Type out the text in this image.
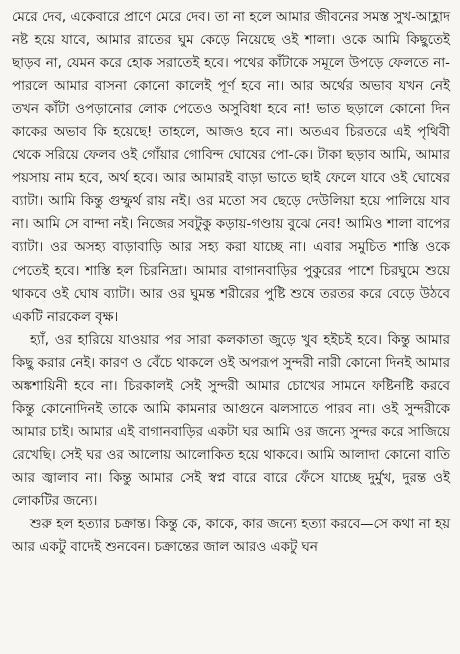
মেরে দেব, একেবারে প্রাণে মেরে দেব। তা না হলে আমার জীবনের সমস্ত সুখ-আহ্লাদ নষ্ট হয়ে যাবে, আমার রাতের ঘুম কেড়ে নিয়েছে ওই শালা। ওকে আমি কিছুতেই ছাড়ব না, যেমন করে হোক সরাতেই হবে। পথের কাঁটাকে সমূলে উপড়ে ফেলতে না-পারলে আমার বাসনা কোনো কালেই পূর্ণ হবে না। আর অর্থের অভাব যখন নেই তখন কাঁটা ওপড়ানোর লোক পেতেও অসুবিধা হবে না! ভাত ছড়ালে কোনো দিন কাকের অভাব কি হয়েছে! তাহলে, আজও হবে না। অতএব চিরতরে এই পৃথিবী থেকে সরিয়ে ফেলব ওই গোঁয়ার গোবিন্দ ঘোষের পো-কে। টাকা ছড়াব আমি, আমার পয়সায় নাম হবে, অর্থ হবে। আর আমারই বাড়া ভাতে ছাই ফেলে যাবে ওই ঘোষের ব্যাটা। আমি কিন্তু গুম্ফুর্থ রায় নই। ওর মতো সব ছেড়ে দেউলিয়া হয়ে পালিয়ে যাব না। আমি সে বান্দা নই। নিজের সবটুকু কড়ায়-গণ্ডায় বুঝে নেব! আমিও শালা বাপের ব্যাটা। ওর অসহ্য বাড়াবাড়ি আর সহ্য করা যাচ্ছে না। এবার সমুচিত শাস্তি ওকে পেতেই হবে। শাস্তি হল চিরনিদ্রা। আমার বাগানবাড়ির পুকুরের পাশে চিরঘুমে শুয়ে থাকবে ওই ঘোষ ব্যাটা। আর ওর ঘুমন্ত শরীরের পুষ্টি শুষে তরতর করে বেড়ে উঠবে একটি নারকেল বৃক্ষ।

হ্যাঁ, ওর হারিয়ে যাওয়ার পর সারা কলকাতা জুড়ে খুব হইচই হবে। কিন্তু আমার কিছু করার নেই। কারণ ও বেঁচে থাকলে ওই অপরূপ সুন্দরী নারী কোনো দিনই আমার অঙ্কশায়িনী হবে না। চিরকালই সেই সুন্দরী আমার চোখের সামনে ফষ্টিনষ্টি করবে কিন্তু কোনোদিনই তাকে আমি কামনার আগুনে ঝলসাতে পারব না। ওই সুন্দরীকে আমার চাই। আমার এই বাগানবাড়ির একটা ঘর আমি ওর জন্যে সুন্দর করে সাজিয়ে রেখেছি। সেই ঘর ওর আলোয় আলোকিত হয়ে থাকবে। আমি আলাদা কোনো বাতি আর জ্বালাব না। কিন্তু আমার সেই স্বপ্ন বারে বারে ফেঁসে যাচ্ছে দুর্মুখ, দুরন্ত ওই লোকটির জন্যে।

শুরু হল হত্যার চক্রান্ত। কিন্তু কে, কাকে, কার জন্যে হত্যা করবে—সে কথা না হয় আর একটু বাদেই শুনবেন। চক্রান্তের জাল আরও একটু ঘন
